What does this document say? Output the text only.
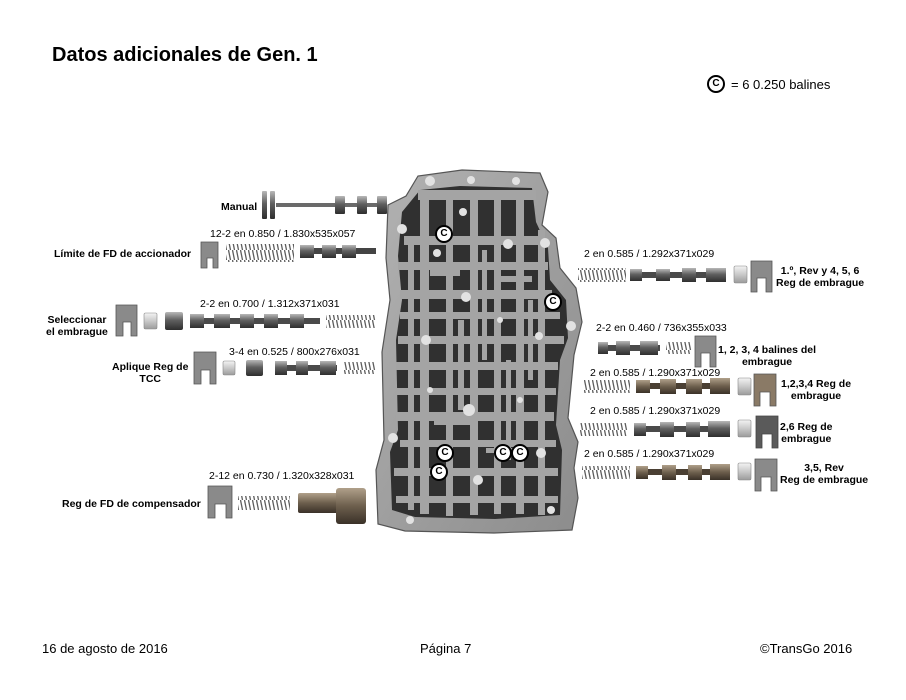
Datos adicionales de Gen. 1
C = 6 0.250 balines
C
C
C	C C
C
Manual
12-2 en 0.850 / 1.830x535x057
Límite de FD de accionador
2-2 en 0.700 / 1.312x371x031
Seleccionar
el embrague
3-4 en 0.525 / 800x276x031
Aplique Reg de
TCC
2-12 en 0.730 / 1.320x328x031
Reg de FD de compensador
2 en 0.585 / 1.292x371x029
1.º, Rev y 4, 5, 6
Reg de embrague
2-2 en 0.460 / 736x355x033
1, 2, 3, 4 balines del
embrague
2 en 0.585 / 1.290x371x029
1,2,3,4 Reg de
embrague
2 en 0.585 / 1.290x371x029
2,6 Reg de
embrague
2 en 0.585 / 1.290x371x029
3,5, Rev
Reg de embrague
16 de agosto de 2016	Página 7	©TransGo 2016
